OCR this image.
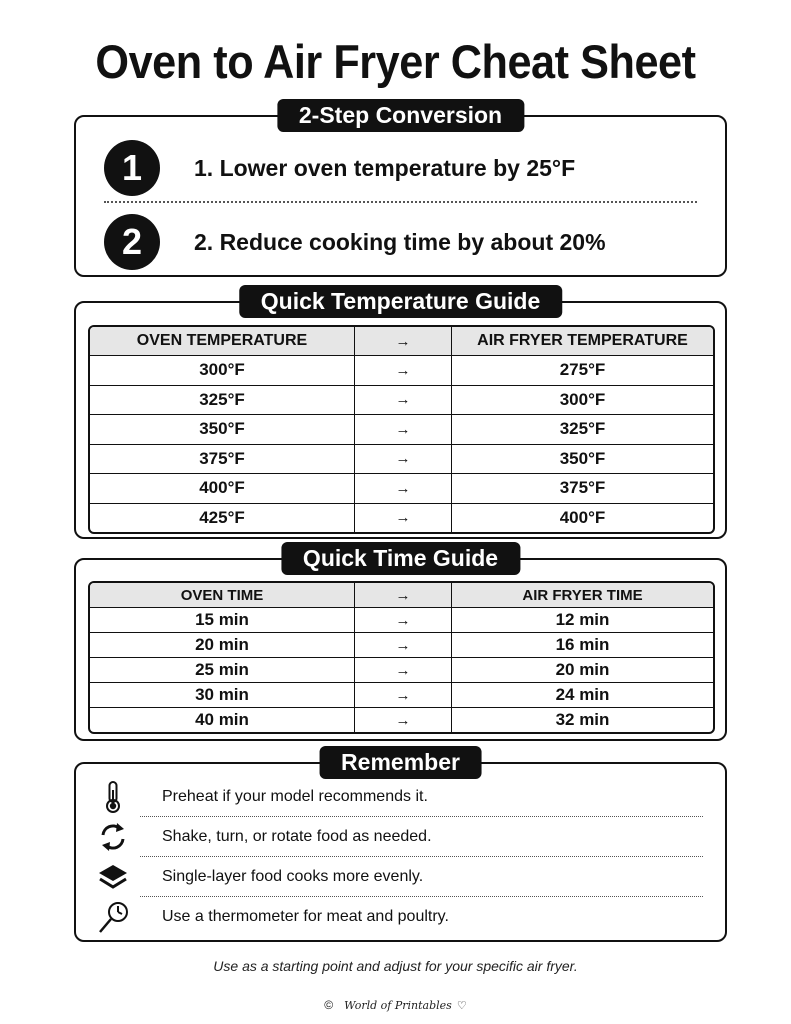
Oven to Air Fryer Cheat Sheet
2-Step Conversion
1	1. Lower oven temperature by 25°F
2	2. Reduce cooking time by about 20%
Quick Temperature Guide
OVEN TEMPERATURE	→	AIR FRYER TEMPERATURE
300°F	→	275°F
325°F	→	300°F
350°F	→	325°F
375°F	→	350°F
400°F	→	375°F
425°F	→	400°F
Quick Time Guide
OVEN TIME	→	AIR FRYER TIME
15 min	→	12 min
20 min	→	16 min
25 min	→	20 min
30 min	→	24 min
40 min	→	32 min
Remember
Preheat if your model recommends it.
Shake, turn, or rotate food as needed.
Single-layer food cooks more evenly.
Use a thermometer for meat and poultry.
Use as a starting point and adjust for your specific air fryer.
© World of Printables ♡
